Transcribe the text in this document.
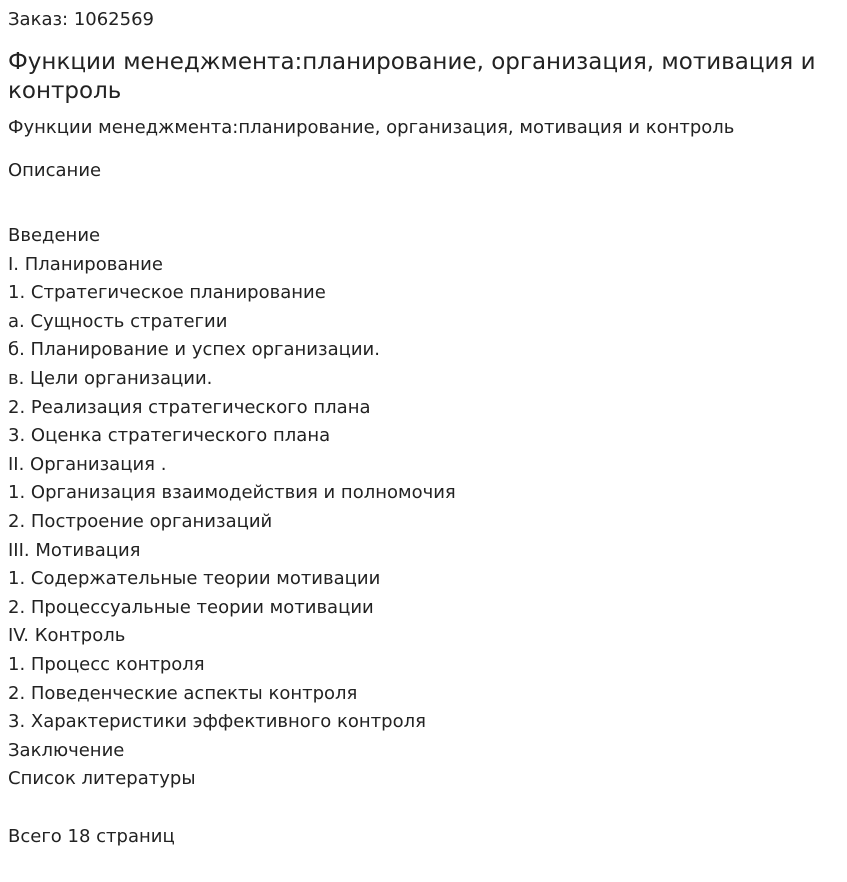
Заказ: 1062569

Функции менеджмента:планирование, организация, мотивация и контроль

Функции менеджмента:планирование, организация, мотивация и контроль

Описание

Введение
I. Планирование
1. Стратегическое планирование
а. Сущность стратегии
б. Планирование и успех организации.
в. Цели организации.
2. Реализация стратегического плана
3. Оценка стратегического плана
II. Организация .
1. Организация взаимодействия и полномочия
2. Построение организаций
III. Мотивация
1. Содержательные теории мотивации
2. Процессуальные теории мотивации
IV. Контроль
1. Процесс контроля
2. Поведенческие аспекты контроля
3. Характеристики эффективного контроля
Заключение
Список литературы

Всего 18 страниц
